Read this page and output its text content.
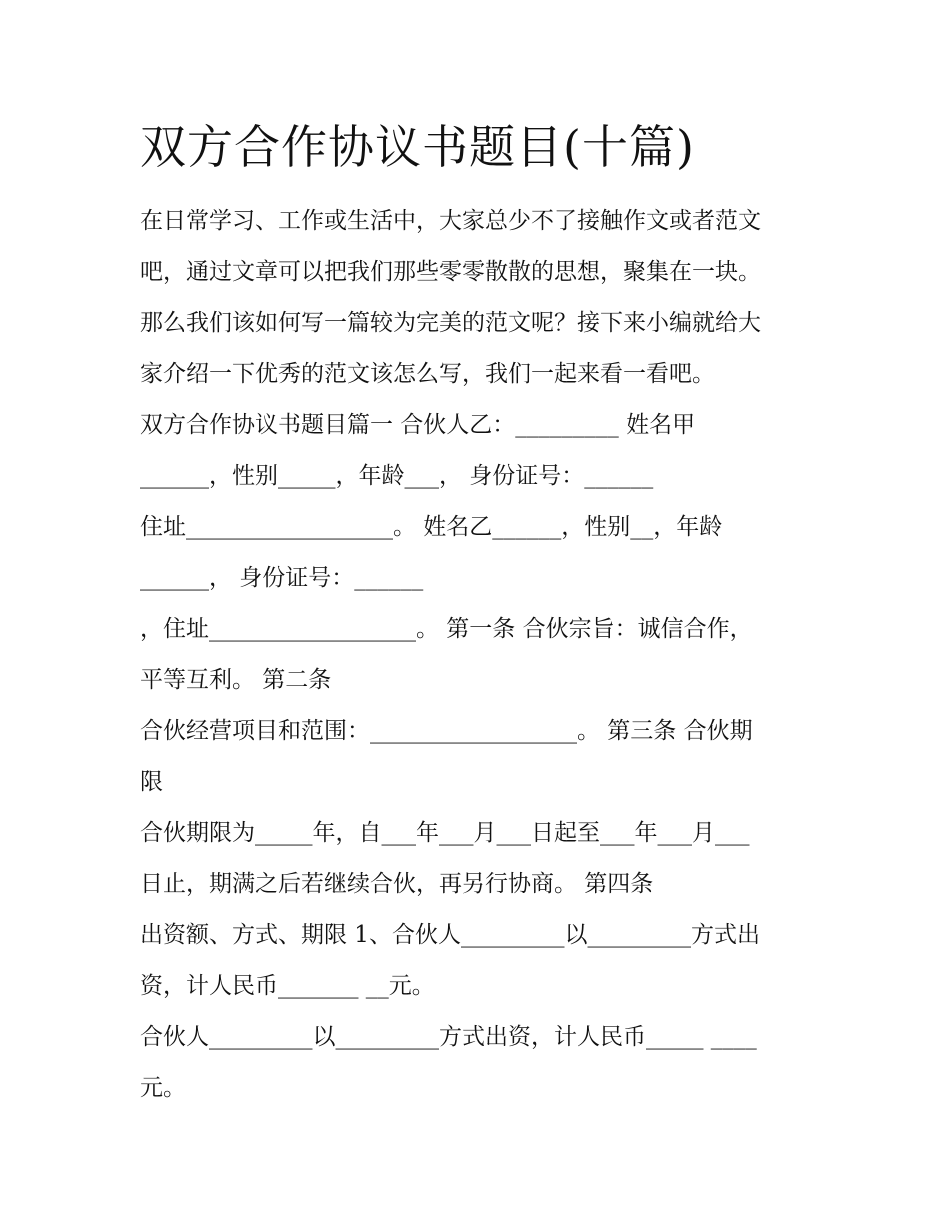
双方合作协议书题目(十篇)

在日常学习、工作或生活中，大家总少不了接触作文或者范文

吧，通过文章可以把我们那些零零散散的思想，聚集在一块。

那么我们该如何写一篇较为完美的范文呢？接下来小编就给大

家介绍一下优秀的范文该怎么写，我们一起来看一看吧。

双方合作协议书题目篇一 合伙人乙：_________ 姓名甲

______，性别_____，年龄___， 身份证号：______

住址__________________。 姓名乙______，性别__，年龄

______， 身份证号：______

，住址__________________。 第一条 合伙宗旨：诚信合作，

平等互利。 第二条

合伙经营项目和范围：__________________。 第三条 合伙期

限

合伙期限为_____年，自___年___月___日起至___年___月___

日止，期满之后若继续合伙，再另行协商。 第四条

出资额、方式、期限 1、合伙人_________以_________方式出

资，计人民币_______ __元。

合伙人_________以_________方式出资，计人民币_____ ____

元。
